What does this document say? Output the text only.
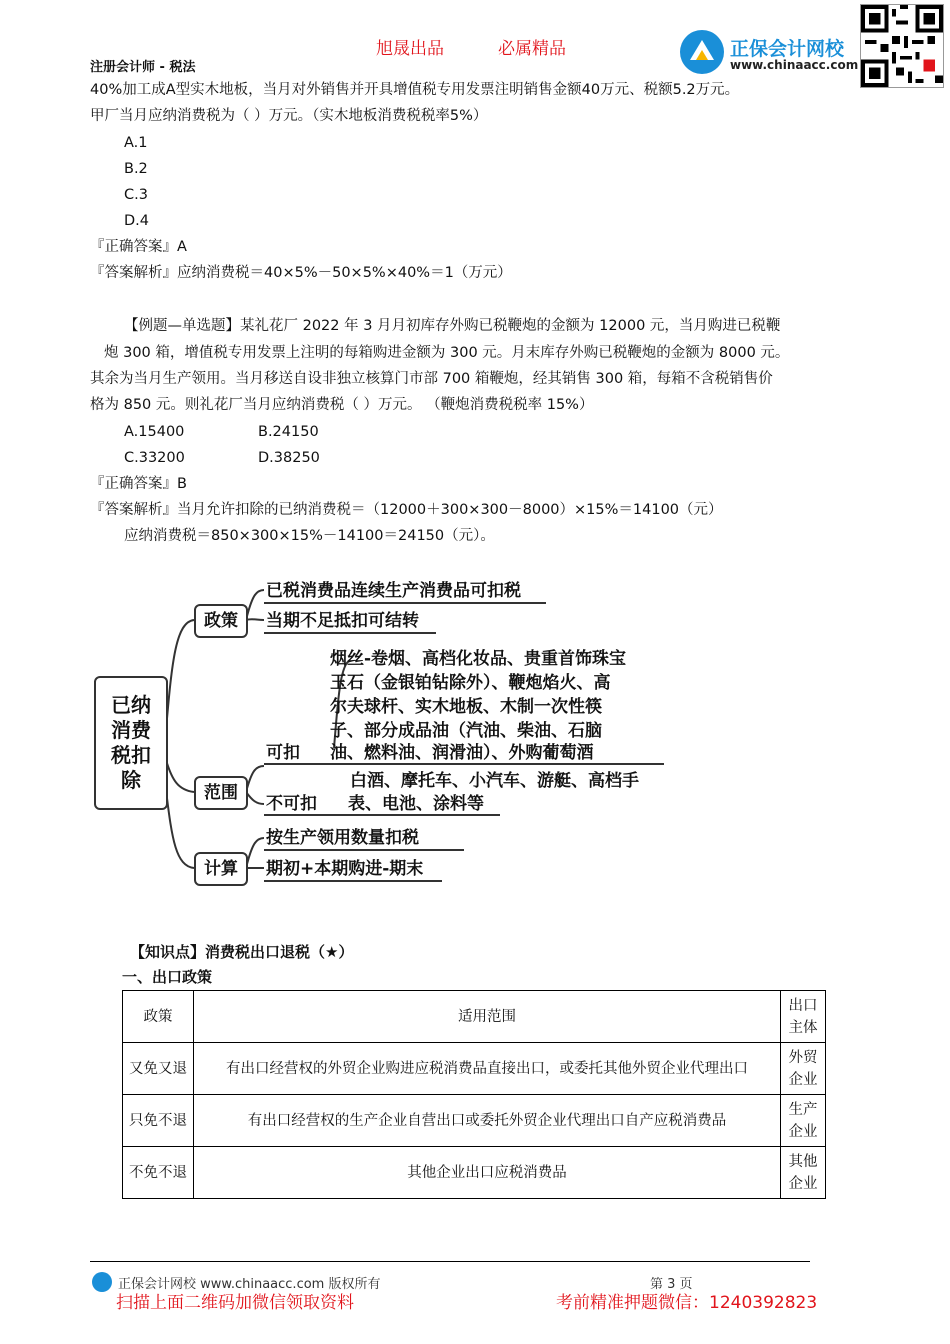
旭晟出品	必属精品
注册会计师 - 税法
正保会计网校
www.chinaacc.com
40%加工成A型实木地板，当月对外销售并开具增值税专用发票注明销售金额40万元、税额5.2万元。
甲厂当月应纳消费税为（ ）万元。（实木地板消费税税率5%）
A.1
B.2
C.3
D.4
『正确答案』A
『答案解析』应纳消费税＝40×5%－50×5%×40%＝1（万元）
【例题—单选题】某礼花厂 2022 年 3 月月初库存外购已税鞭炮的金额为 12000 元，当月购进已税鞭
炮 300 箱，增值税专用发票上注明的每箱购进金额为 300 元。月末库存外购已税鞭炮的金额为 8000 元。
其余为当月生产领用。当月移送自设非独立核算门市部 700 箱鞭炮，经其销售 300 箱，每箱不含税销售价
格为 850 元。则礼花厂当月应纳消费税（ ）万元。 （鞭炮消费税税率 15%）
A.15400	B.24150
C.33200	D.38250
『正确答案』B
『答案解析』当月允许扣除的已纳消费税＝（12000＋300×300－8000）×15%＝14100（元）
应纳消费税＝850×300×15%－14100＝24150（元）。
已纳
消费
税扣
除
政策
范围
计算
已税消费品连续生产消费品可扣税
当期不足抵扣可结转
烟丝-卷烟、高档化妆品、贵重首饰珠宝
玉石（金银铂钻除外）、鞭炮焰火、高
尔夫球杆、实木地板、木制一次性筷
子、部分成品油（汽油、柴油、石脑
可扣 油、燃料油、润滑油）、外购葡萄酒
白酒、摩托车、小汽车、游艇、高档手
不可扣 表、电池、涂料等
按生产领用数量扣税
期初+本期购进-期末
【知识点】消费税出口退税（★）
一、出口政策
政策	适用范围	出口主体
又免又退	有出口经营权的外贸企业购进应税消费品直接出口，或委托其他外贸企业代理出口	外贸企业
只免不退	有出口经营权的生产企业自营出口或委托外贸企业代理出口自产应税消费品	生产企业
不免不退	其他企业出口应税消费品	其他企业
正保会计网校 www.chinaacc.com 版权所有	第 3 页
扫描上面二维码加微信领取资料	考前精准押题微信：1240392823
